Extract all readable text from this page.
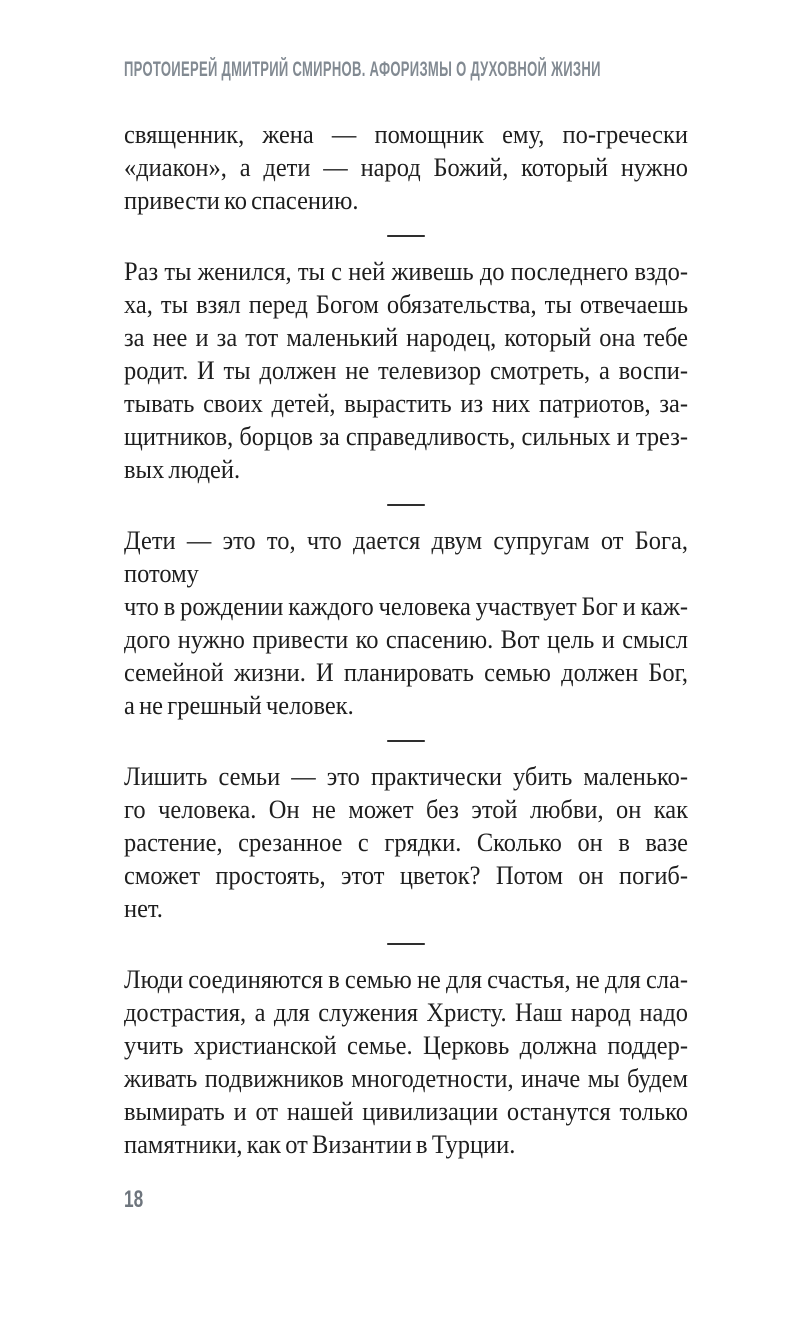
ПРОТОИЕРЕЙ ДМИТРИЙ СМИРНОВ. АФОРИЗМЫ О ДУХОВНОЙ ЖИЗНИ
священник, жена — помощник ему, по-гречески
«диакон», а дети — народ Божий, который нужно
привести ко спасению.
Раз ты женился, ты с ней живешь до последнего вздо-
ха, ты взял перед Богом обязательства, ты отвечаешь
за нее и за тот маленький народец, который она тебе
родит. И ты должен не телевизор смотреть, а воспи-
тывать своих детей, вырастить из них патриотов, за-
щитников, борцов за справедливость, сильных и трез-
вых людей.
Дети — это то, что дается двум супругам от Бога, потому
что в рождении каждого человека участвует Бог и каж-
дого нужно привести ко спасению. Вот цель и смысл
семейной жизни. И планировать семью должен Бог,
а не грешный человек.
Лишить семьи — это практически убить маленько-
го человека. Он не может без этой любви, он как
растение, срезанное с грядки. Сколько он в вазе
сможет простоять, этот цветок? Потом он погиб-
нет.
Люди соединяются в семью не для счастья, не для сла-
дострастия, а для служения Христу. Наш народ надо
учить христианской семье. Церковь должна поддер-
живать подвижников многодетности, иначе мы будем
вымирать и от нашей цивилизации останутся только
памятники, как от Византии в Турции.
18
